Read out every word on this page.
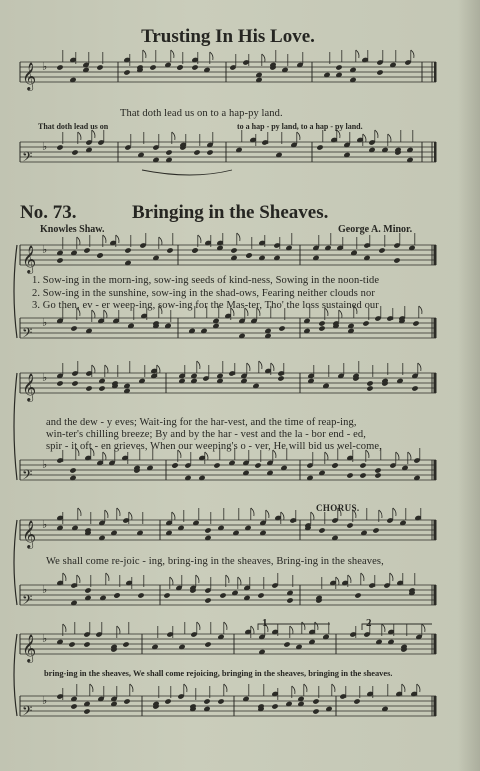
𝄞 ♭
𝄢
♭
𝄞 ♭
𝄢
♭
𝄞 ♭
𝄢
♭
𝄞 ♭
𝄢
♭
𝄞 ♭
𝄢
♭
Trusting In His Love.
That doth lead us on to a hap-py land.
That doth lead us on	to a hap - py land, to a hap - py land.
No. 73.	Bringing in the Sheaves.
Knowles Shaw.	George A. Minor.
1. Sow-ing in the morn-ing, sow-ing seeds of kind-ness, Sowing in the noon-tide
2. Sow-ing in the sunshine, sow-ing in the shad-ows, Fearing neither clouds nor
3. Go then, ev - er weep-ing, sow-ing for the Mas-ter, Tho' the loss sustained our
and the dew - y eves; Wait-ing for the har-vest, and the time of reap-ing,
win-ter's chilling breeze; By and by the har - vest and the la - bor end - ed,
spir - it oft - en grieves, When our weeping's o - ver, He will bid us wel-come,
CHORUS.
We shall come re-joic - ing, bring-ing in the sheaves, Bring-ing in the sheaves,
bring-ing in the sheaves, We shall come rejoicing, bringing in the sheaves, bringing in the sheaves.
1	2
